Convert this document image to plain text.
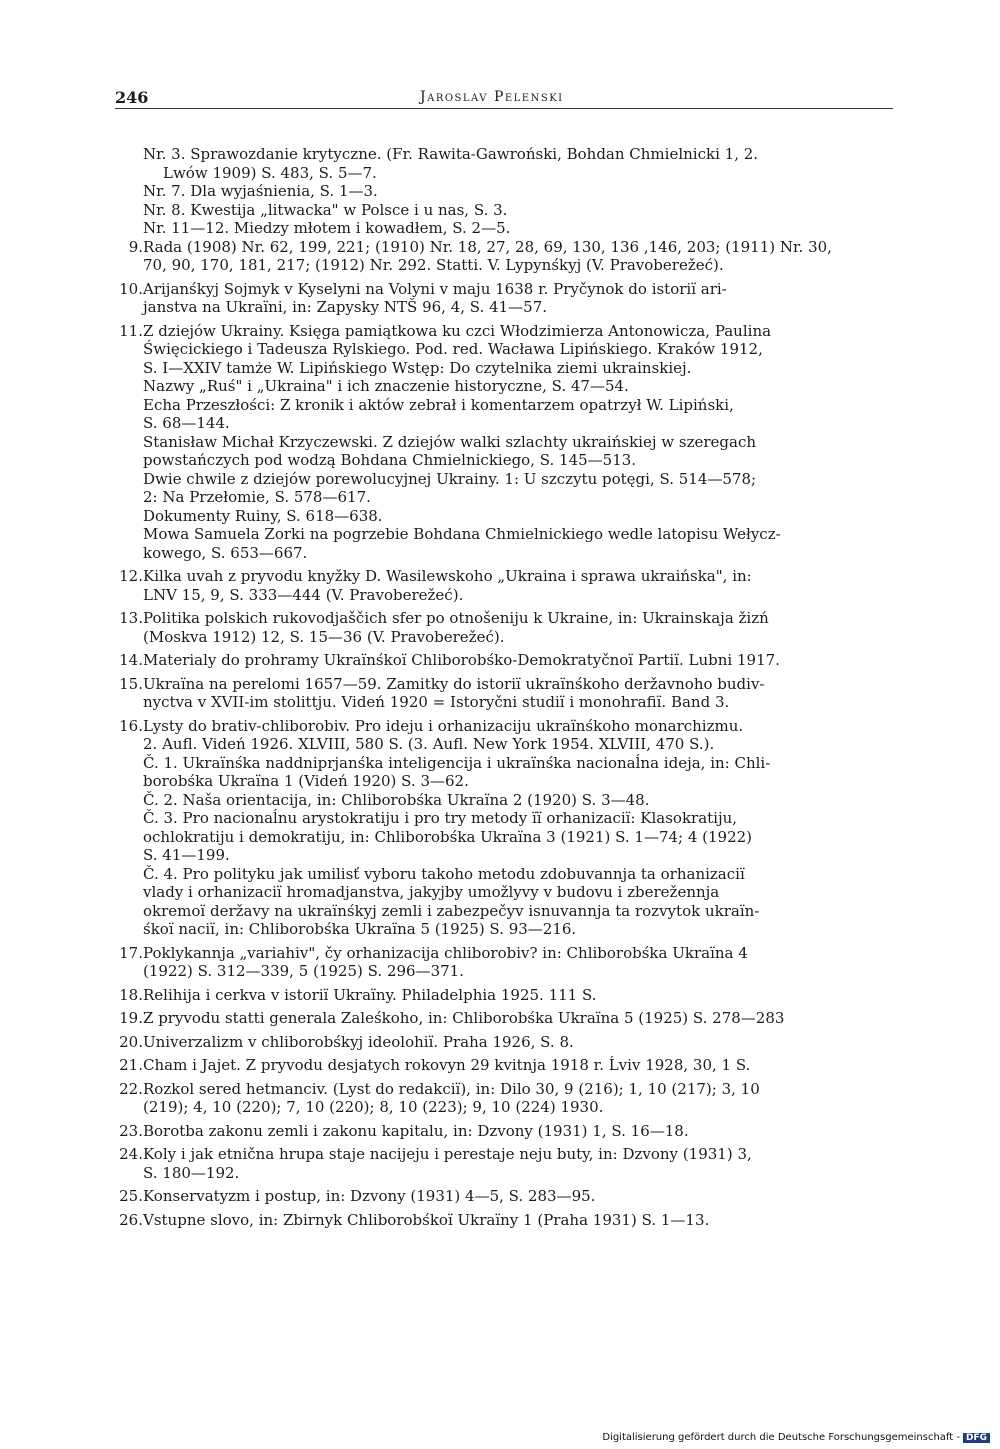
246	Jaroslav Pelenski
Nr. 3. Sprawozdanie krytyczne. (Fr. Rawita-Gawroński, Bohdan Chmielnicki 1, 2.
Lwów 1909) S. 483, S. 5—7.
Nr. 7. Dla wyjaśnienia, S. 1—3.
Nr. 8. Kwestija „litwacka" w Polsce i u nas, S. 3.
Nr. 11—12. Miedzy młotem i kowadłem, S. 2—5.
9. Rada (1908) Nr. 62, 199, 221; (1910) Nr. 18, 27, 28, 69, 130, 136 ,146, 203; (1911) Nr. 30,
70, 90, 170, 181, 217; (1912) Nr. 292. Statti. V. Lypynśkyj (V. Pravoberežeć).
10. Arijanśkyj Sojmyk v Kyselyni na Volyni v maju 1638 r. Pryčynok do istoriï ari-
janstva na Ukraïni, in: Zapysky NTŠ 96, 4, S. 41—57.
11. Z dziejów Ukrainy. Księga pamiątkowa ku czci Włodzimierza Antonowicza, Paulina
Święcickiego i Tadeusza Rylskiego. Pod. red. Wacława Lipińskiego. Kraków 1912,
S. I—XXIV tamże W. Lipińskiego Wstęp: Do czytelnika ziemi ukrainskiej.
Nazwy „Ruś" i „Ukraina" i ich znaczenie historyczne, S. 47—54.
Echa Przeszłości: Z kronik i aktów zebrał i komentarzem opatrzył W. Lipiński,
S. 68—144.
Stanisław Michał Krzyczewski. Z dziejów walki szlachty ukraińskiej w szeregach
powstańczych pod wodzą Bohdana Chmielnickiego, S. 145—513.
Dwie chwile z dziejów porewolucyjnej Ukrainy. 1: U szczytu potęgi, S. 514—578;
2: Na Przełomie, S. 578—617.
Dokumenty Ruiny, S. 618—638.
Mowa Samuela Zorki na pogrzebie Bohdana Chmielnickiego wedle latopisu Wełycz-
kowego, S. 653—667.
12. Kilka uvah z pryvodu knyžky D. Wasilewskoho „Ukraina i sprawa ukraińska", in:
LNV 15, 9, S. 333—444 (V. Pravoberežeć).
13. Politika polskich rukovodjaščich sfer po otnošeniju k Ukraine, in: Ukrainskaja žizń
(Moskva 1912) 12, S. 15—36 (V. Pravoberežeć).
14. Materialy do prohramy Ukraïnśkoï Chliborobśko-Demokratyčnoï Partiï. Lubni 1917.
15. Ukraïna na perelomi 1657—59. Zamitky do istoriï ukraïnśkoho deržavnoho budiv-
nyctva v XVII-im stolittju. Videń 1920 = Istoryčni studiï i monohrafiï. Band 3.
16. Lysty do brativ-chliborobiv. Pro ideju i orhanizaciju ukraïnśkoho monarchizmu.
2. Aufl. Videń 1926. XLVIII, 580 S. (3. Aufl. New York 1954. XLVIII, 470 S.).
Č. 1. Ukraïnśka naddniprjanśka inteligencija i ukraïnśka nacionaĺna ideja, in: Chli-
borobśka Ukraïna 1 (Videń 1920) S. 3—62.
Č. 2. Naša orientacija, in: Chliborobśka Ukraïna 2 (1920) S. 3—48.
Č. 3. Pro nacionaĺnu arystokratiju i pro try metody ïï orhanizaciï: Klasokratiju,
ochlokratiju i demokratiju, in: Chliborobśka Ukraïna 3 (1921) S. 1—74; 4 (1922)
S. 41—199.
Č. 4. Pro polityku jak umilisť vyboru takoho metodu zdobuvannja ta orhanizaciï
vlady i orhanizaciï hromadjanstva, jakyjby umožlyvy v budovu i zberežennja
okremoï deržavy na ukraïnśkyj zemli i zabezpečyv isnuvannja ta rozvytok ukraïn-
śkoï naciï, in: Chliborobśka Ukraïna 5 (1925) S. 93—216.
17. Poklykannja „variahiv", čy orhanizacija chliborobiv? in: Chliborobśka Ukraïna 4
(1922) S. 312—339, 5 (1925) S. 296—371.
18. Relihija i cerkva v istoriï Ukraïny. Philadelphia 1925. 111 S.
19. Z pryvodu statti generala Zaleśkoho, in: Chliborobśka Ukraïna 5 (1925) S. 278—283
20. Univerzalizm v chliborobśkyj ideolohiï. Praha 1926, S. 8.
21. Cham i Jajet. Z pryvodu desjatych rokovyn 29 kvitnja 1918 r. Ĺviv 1928, 30, 1 S.
22. Rozkol sered hetmanciv. (Lyst do redakciï), in: Dilo 30, 9 (216); 1, 10 (217); 3, 10
(219); 4, 10 (220); 7, 10 (220); 8, 10 (223); 9, 10 (224) 1930.
23. Borotba zakonu zemli i zakonu kapitalu, in: Dzvony (1931) 1, S. 16—18.
24. Koly i jak etnična hrupa staje nacijeju i perestaje neju buty, in: Dzvony (1931) 3,
S. 180—192.
25. Konservatyzm i postup, in: Dzvony (1931) 4—5, S. 283—95.
26. Vstupne slovo, in: Zbirnyk Chliborobśkoï Ukraïny 1 (Praha 1931) S. 1—13.
Digitalisierung gefördert durch die Deutsche Forschungsgemeinschaft - DFG
